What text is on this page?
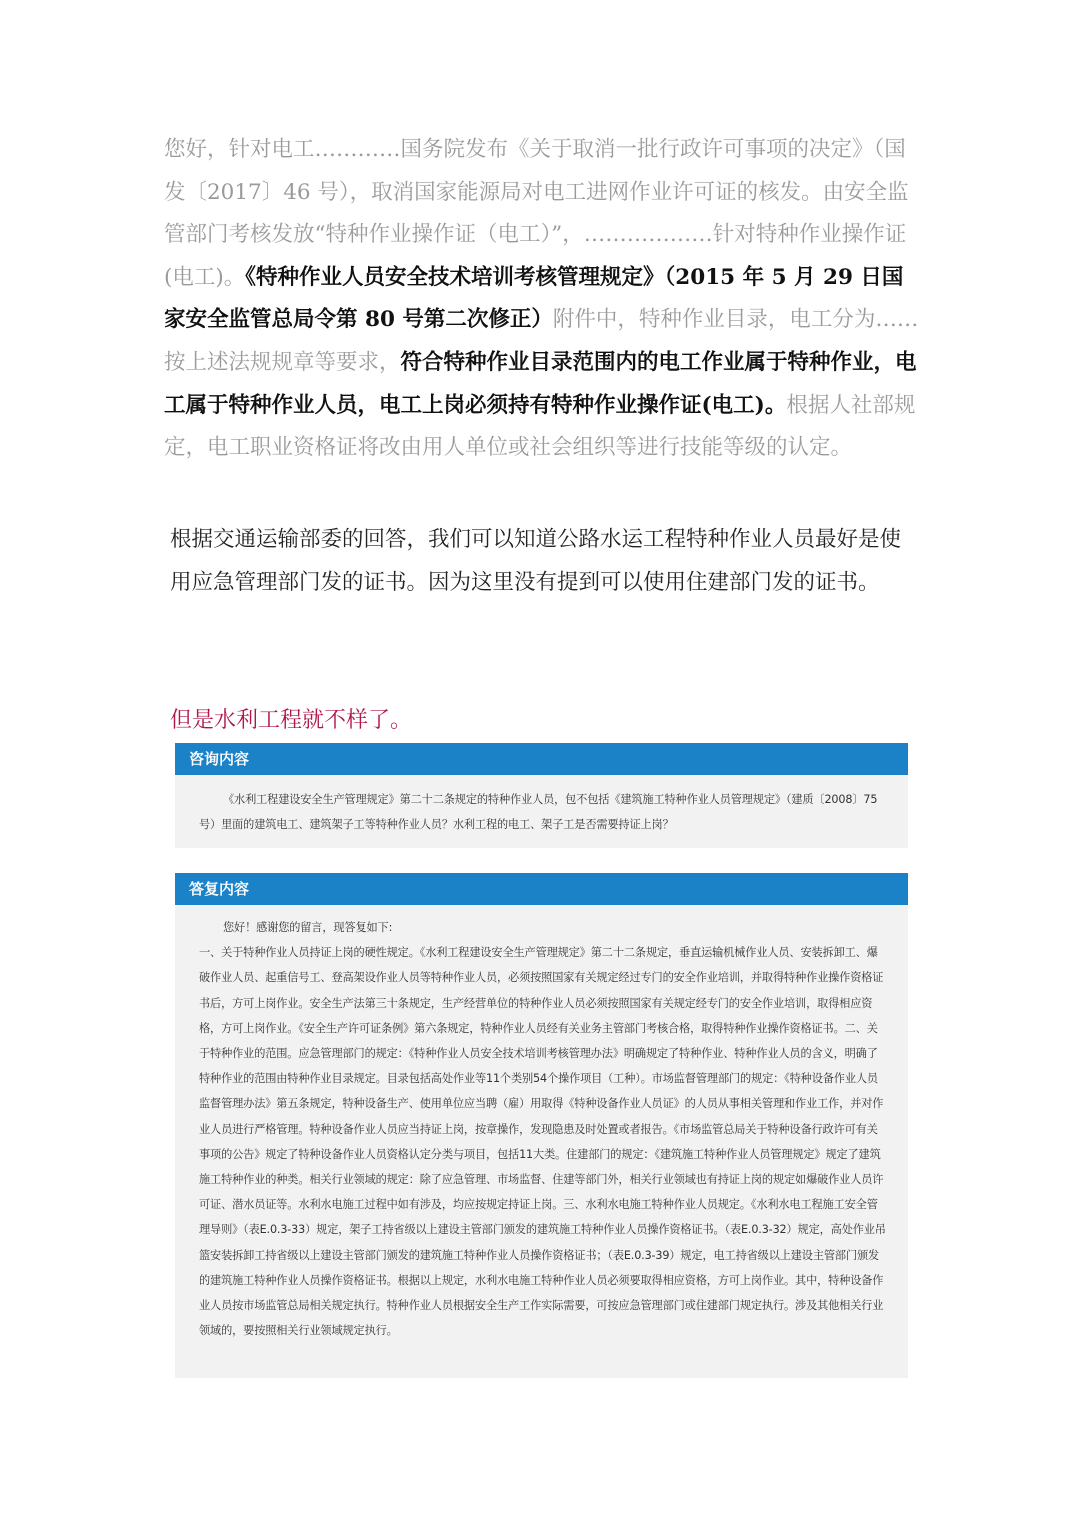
您好，针对电工…………国务院发布《关于取消一批行政许可事项的决定》（国发〔2017〕46 号），取消国家能源局对电工进网作业许可证的核发。由安全监管部门考核发放“特种作业操作证（电工）”，………………针对特种作业操作证(电工)。《特种作业人员安全技术培训考核管理规定》（2015 年 5 月 29 日国家安全监管总局令第 80 号第二次修正）附件中，特种作业目录，电工分为……按上述法规规章等要求，符合特种作业目录范围内的电工作业属于特种作业，电工属于特种作业人员，电工上岗必须持有特种作业操作证(电工)。根据人社部规定，电工职业资格证将改由用人单位或社会组织等进行技能等级的认定。
根据交通运输部委的回答，我们可以知道公路水运工程特种作业人员最好是使用应急管理部门发的证书。因为这里没有提到可以使用住建部门发的证书。
但是水利工程就不样了。
咨询内容
《水利工程建设安全生产管理规定》第二十二条规定的特种作业人员，包不包括《建筑施工特种作业人员管理规定》（建质〔2008〕75号）里面的建筑电工、建筑架子工等特种作业人员？水利工程的电工、架子工是否需要持证上岗？
答复内容
您好！感谢您的留言，现答复如下:
一、关于特种作业人员持证上岗的硬性规定。《水利工程建设安全生产管理规定》第二十二条规定，垂直运输机械作业人员、安装拆卸工、爆破作业人员、起重信号工、登高架设作业人员等特种作业人员，必须按照国家有关规定经过专门的安全作业培训，并取得特种作业操作资格证书后，方可上岗作业。安全生产法第三十条规定，生产经营单位的特种作业人员必须按照国家有关规定经专门的安全作业培训，取得相应资格，方可上岗作业。《安全生产许可证条例》第六条规定，特种作业人员经有关业务主管部门考核合格，取得特种作业操作资格证书。二、关于特种作业的范围。应急管理部门的规定：《特种作业人员安全技术培训考核管理办法》明确规定了特种作业、特种作业人员的含义，明确了特种作业的范围由特种作业目录规定。目录包括高处作业等11个类别54个操作项目（工种）。市场监督管理部门的规定：《特种设备作业人员监督管理办法》第五条规定，特种设备生产、使用单位应当聘（雇）用取得《特种设备作业人员证》的人员从事相关管理和作业工作，并对作业人员进行严格管理。特种设备作业人员应当持证上岗，按章操作，发现隐患及时处置或者报告。《市场监管总局关于特种设备行政许可有关事项的公告》规定了特种设备作业人员资格认定分类与项目，包括11大类。住建部门的规定：《建筑施工特种作业人员管理规定》规定了建筑施工特种作业的种类。相关行业领域的规定：除了应急管理、市场监督、住建等部门外，相关行业领域也有持证上岗的规定如爆破作业人员许可证、潜水员证等。水利水电施工过程中如有涉及，均应按规定持证上岗。三、水利水电施工特种作业人员规定。《水利水电工程施工安全管理导则》（表E.0.3-33）规定，架子工持省级以上建设主管部门颁发的建筑施工特种作业人员操作资格证书。（表E.0.3-32）规定，高处作业吊篮安装拆卸工持省级以上建设主管部门颁发的建筑施工特种作业人员操作资格证书；（表E.0.3-39）规定，电工持省级以上建设主管部门颁发的建筑施工特种作业人员操作资格证书。根据以上规定，水利水电施工特种作业人员必须要取得相应资格，方可上岗作业。其中，特种设备作业人员按市场监管总局相关规定执行。特种作业人员根据安全生产工作实际需要，可按应急管理部门或住建部门规定执行。涉及其他相关行业领域的，要按照相关行业领域规定执行。
